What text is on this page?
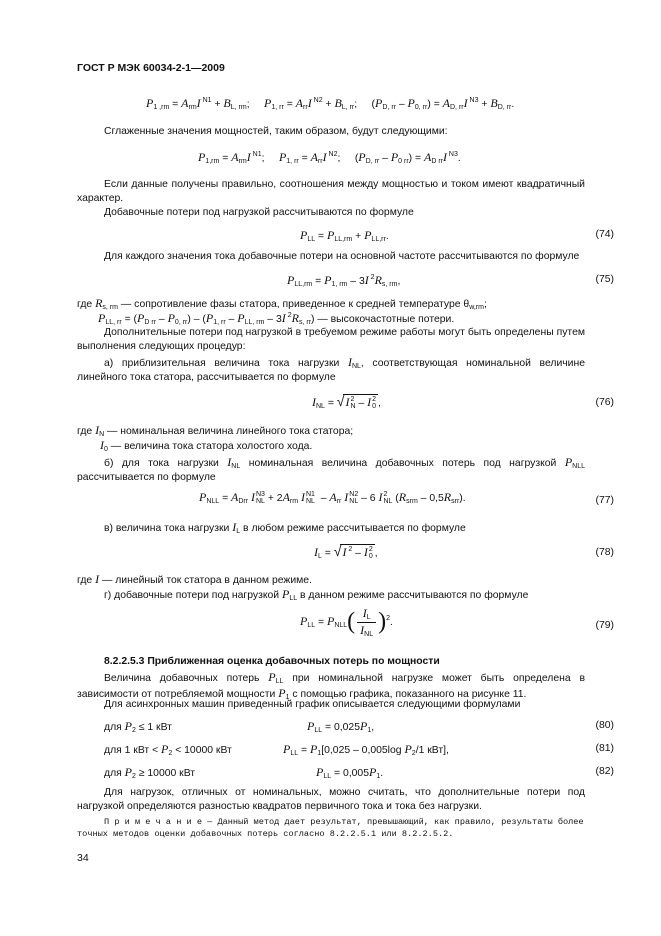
ГОСТ Р МЭК 60034-2-1—2009
$P_{1 ,rm} = A_{rm}I$ $^{N1} + B_{L, rm}$;     $P_{1, rr} = A_{rr}I$ $^{N2} + B_{L, rr}$;     $(P_{D, rr} - P_{0, rr}) = A_{D, rr}I$ $^{N3} + B_{D, rr}$.
Сглаженные значения мощностей, таким образом, будут следующими:
$P_{1,rm} = A_{rm}I$ $^{N1}$;     $P_{1, rr} = A_{rr}I$ $^{N2}$;     $(P_{D, rr} - P_{0 rr}) = A_{D rr}I$ $^{N3}$.
Если данные получены правильно, соотношения между мощностью и током имеют квадратичный характер.
Добавочные потери под нагрузкой рассчитываются по формуле
$P_{LL} = P_{LL,rm} + P_{LL,rr}$.	(74)
Для каждого значения тока добавочные потери на основной частоте рассчитываются по формуле
$P_{LL,rm} = P_{1, rm} - 3I$ $^2R_{s, rm}$,	(75)
где $R_{s, rm}$ — сопротивление фазы статора, приведенное к средней температуре $\theta_{w,rm}$;
$P_{LL, rr} = (P_{D rr} - P_{0, rr}) - (P_{1, rr} - P_{LL, rm} - 3I$ $^2R_{s, rr}$) — высокочастотные потери.
Дополнительные потери под нагрузкой в требуемом режиме работы могут быть определены путем выполнения следующих процедур:
а) приблизительная величина тока нагрузки $I_{NL}$, соответствующая номинальной величине линейного тока статора, рассчитывается по формуле
$I_{NL} = √I$ 2
N – I 2
0 ,	(76)
где $I_N$ — номинальная величина линейного тока статора;
$I_0$ — величина тока статора холостого хода.
б) для тока нагрузки $I_{NL}$ номинальная величина добавочных потерь под нагрузкой $P_{NLL}$ рассчитывается по формуле
$P_{NLL} = A_{Drr}$ I N3
NL + $2A_{rm}$ I N1
NL – $A_{rr}$ I N2
NL – 6 I 2
NL $(R_{srm} - 0,5R_{srr})$.	(77)
в) величина тока нагрузки $I_L$ в любом режиме рассчитывается по формуле
$I_L = √I$ $^2$ – I 2
0 ,	(78)
где I — линейный ток статора в данном режиме.
г) добавочные потери под нагрузкой $P_{LL}$ в данном режиме рассчитываются по формуле
$P_{LL} = P_{NLL}( \frac{I_L}{I_{NL}} )^2$.	(79)
8.2.2.5.3 Приближенная оценка добавочных потерь по мощности
Величина добавочных потерь $P_{LL}$ при номинальной нагрузке может быть определена в зависимости от потребляемой мощности $P_1$ с помощью графика, показанного на рисунке 11.
Для асинхронных машин приведенный график описывается следующими формулами
для $P_2 \le 1$ кВт	$P_{LL} = 0,025P_1$,	(80)
для 1 кВт < $P_2 < 10000$ кВт	$P_{LL} = P_1[0,025 - 0,005\log$ $P_2/1$ кВт],	(81)
для $P_2 \ge 10000$ кВт	$P_{LL} = 0,005P_1$.	(82)
Для нагрузок, отличных от номинальных, можно считать, что дополнительные потери под нагрузкой определяются разностью квадратов первичного тока и тока без нагрузки.
П р и м е ч а н и е — Данный метод дает результат, превышающий, как правило, результаты более точных методов оценки добавочных потерь согласно 8.2.2.5.1 или 8.2.2.5.2.
34
